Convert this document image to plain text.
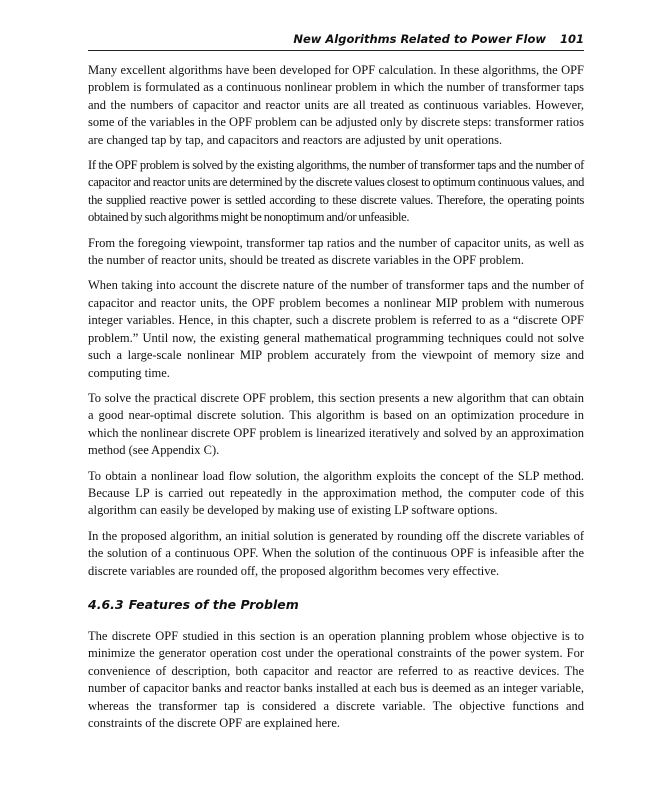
New Algorithms Related to Power Flow 101

Many excellent algorithms have been developed for OPF calculation. In these algorithms, the OPF problem is formulated as a continuous nonlinear problem in which the number of transformer taps and the numbers of capacitor and reactor units are all treated as continuous variables. However, some of the variables in the OPF problem can be adjusted only by discrete steps: transformer ratios are changed tap by tap, and capacitors and reactors are adjusted by unit operations.

If the OPF problem is solved by the existing algorithms, the number of transformer taps and the number of capacitor and reactor units are determined by the discrete values closest to optimum continuous values, and the supplied reactive power is settled according to these discrete values. Therefore, the operating points obtained by such algorithms might be nonoptimum and/or unfeasible.

From the foregoing viewpoint, transformer tap ratios and the number of capacitor units, as well as the number of reactor units, should be treated as discrete variables in the OPF problem.

When taking into account the discrete nature of the number of transformer taps and the number of capacitor and reactor units, the OPF problem becomes a nonlinear MIP problem with numerous integer variables. Hence, in this chapter, such a discrete problem is referred to as a “discrete OPF problem.” Until now, the existing general mathematical programming techniques could not solve such a large-scale nonlinear MIP problem accurately from the viewpoint of memory size and computing time.

To solve the practical discrete OPF problem, this section presents a new algorithm that can obtain a good near-optimal discrete solution. This algorithm is based on an optimization procedure in which the nonlinear discrete OPF problem is linearized iteratively and solved by an approximation method (see Appendix C).

To obtain a nonlinear load flow solution, the algorithm exploits the concept of the SLP method. Because LP is carried out repeatedly in the approximation method, the computer code of this algorithm can easily be developed by making use of existing LP software options.

In the proposed algorithm, an initial solution is generated by rounding off the discrete variables of the solution of a continuous OPF. When the solution of the continuous OPF is infeasible after the discrete variables are rounded off, the proposed algorithm becomes very effective.

4.6.3 Features of the Problem

The discrete OPF studied in this section is an operation planning problem whose objective is to minimize the generator operation cost under the operational constraints of the power system. For convenience of description, both capacitor and reactor are referred to as reactive devices. The number of capacitor banks and reactor banks installed at each bus is deemed as an integer variable, whereas the transformer tap is considered a discrete variable. The objective functions and constraints of the discrete OPF are explained here.
